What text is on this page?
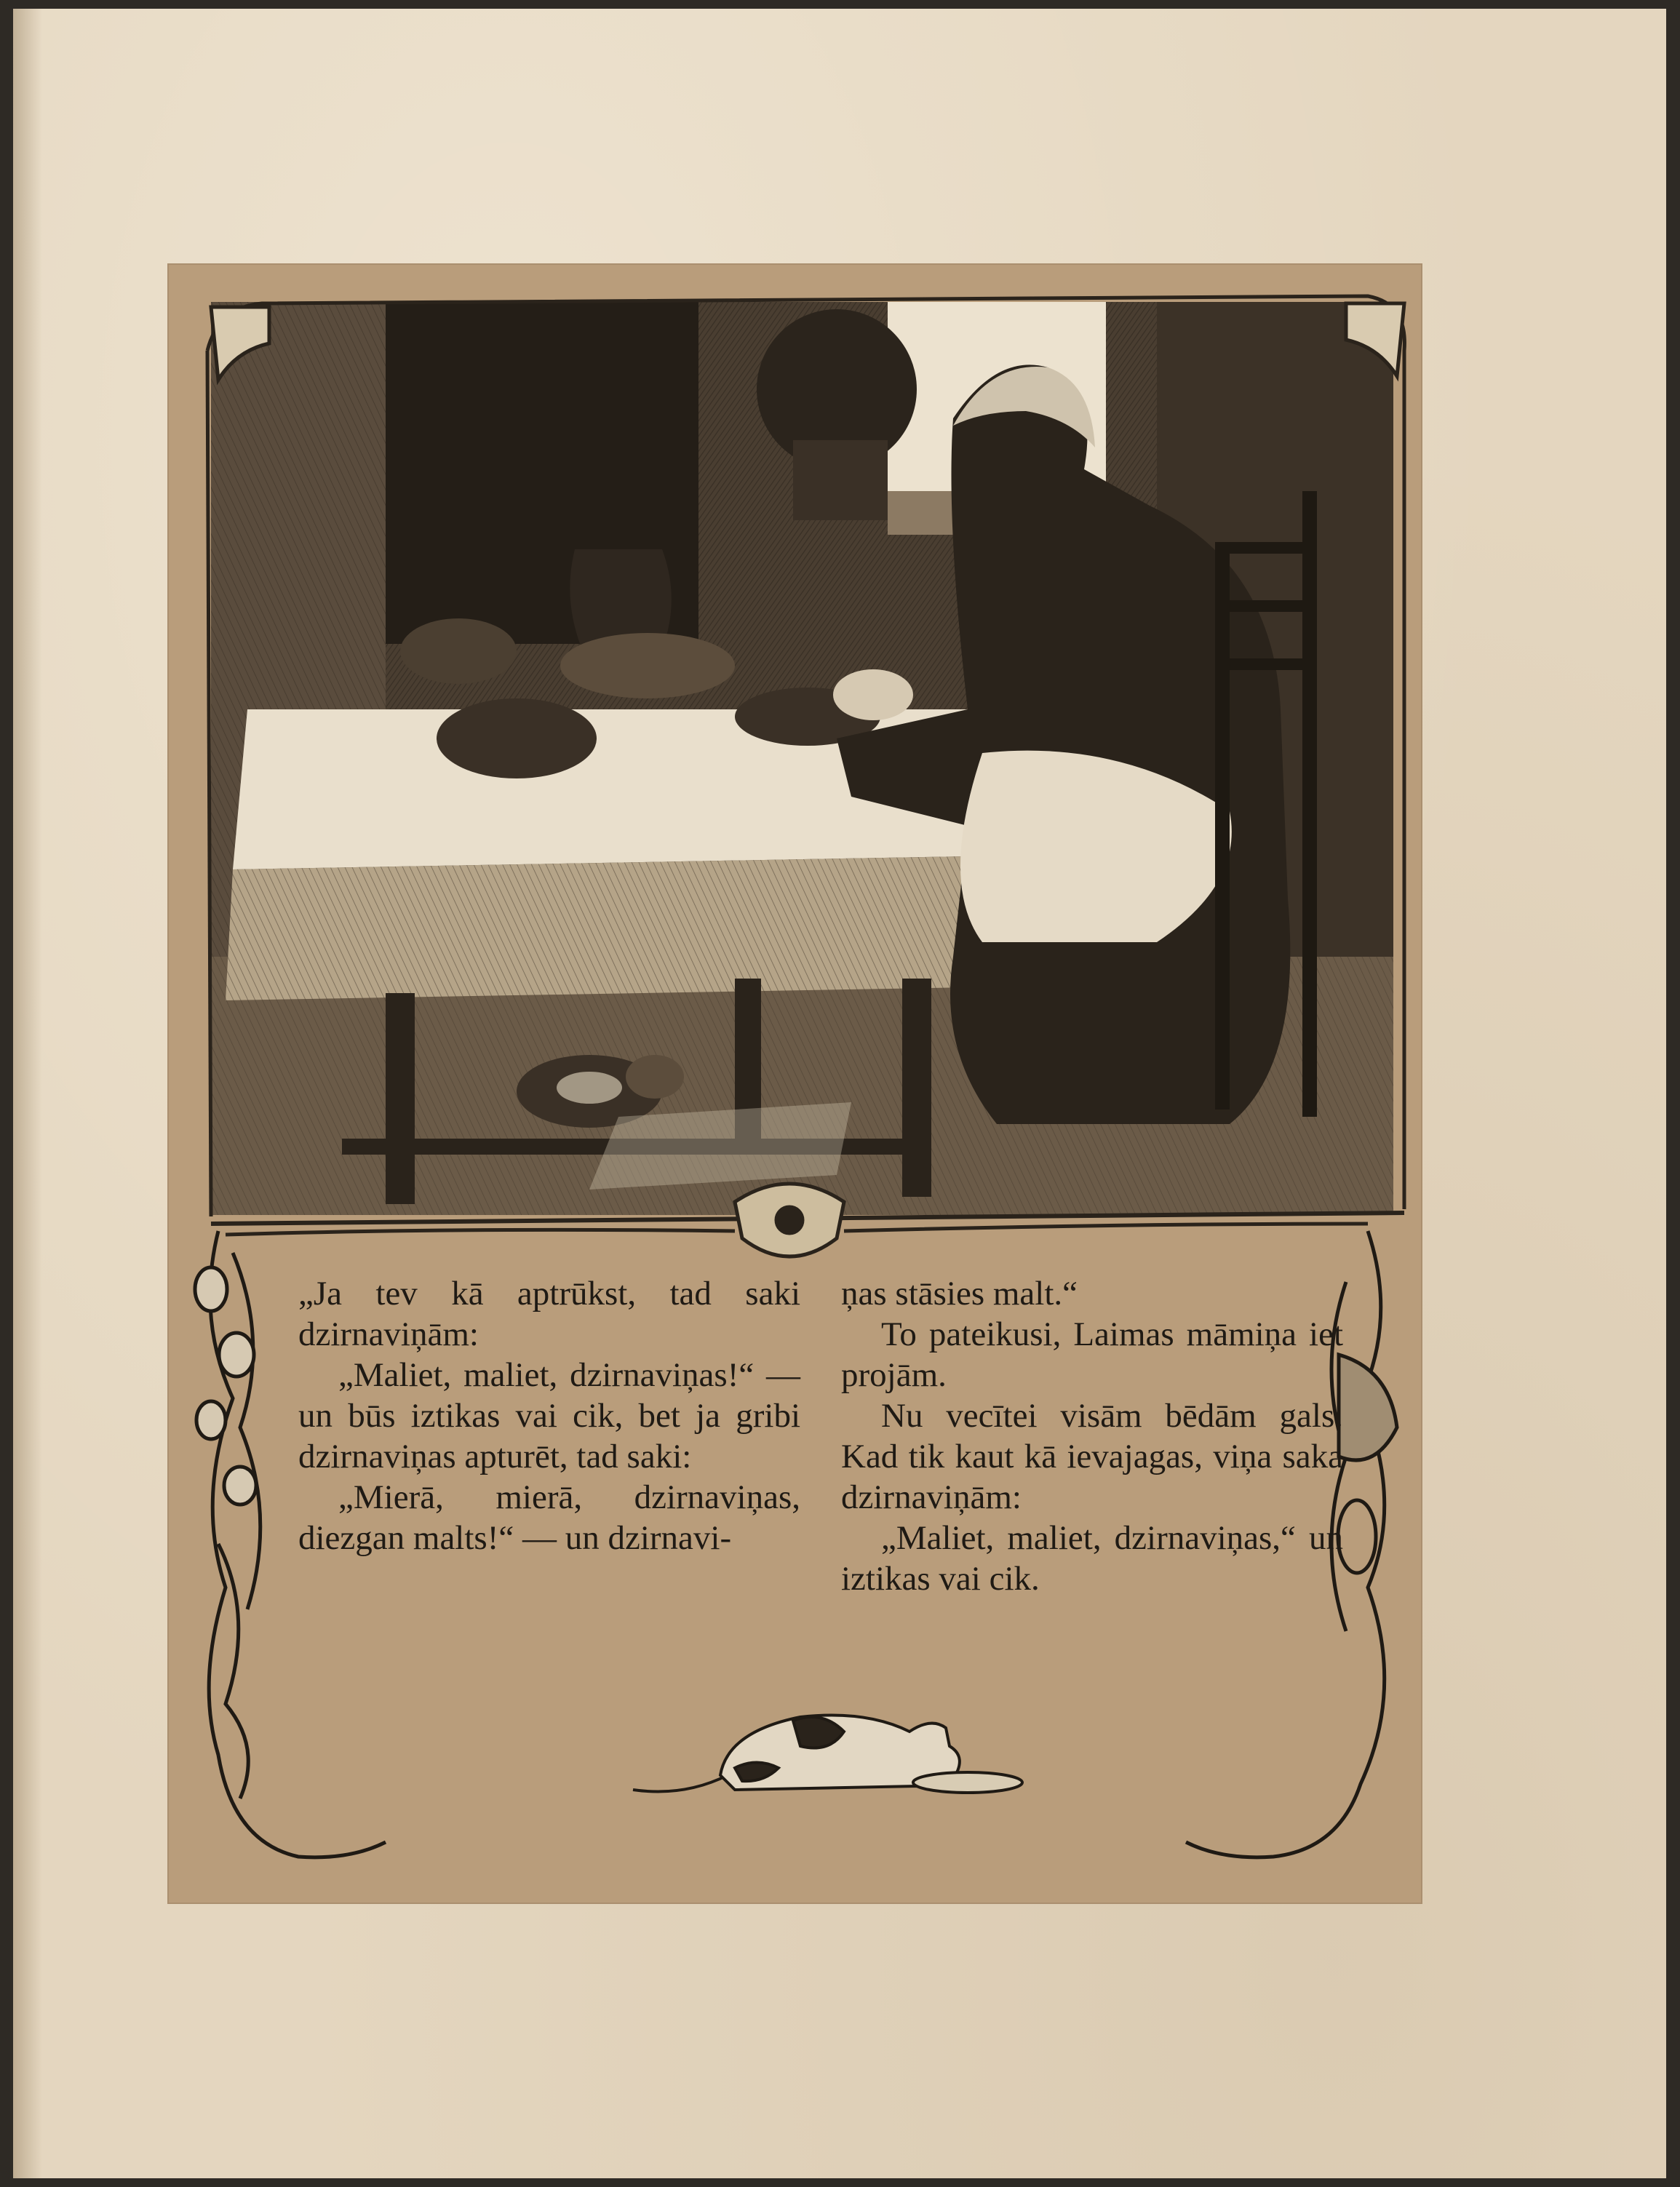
„Ja tev kā aptrūkst, tad saki dzirnaviņām:
„Maliet, maliet, dzirnaviņas!“ — un būs iztikas vai cik, bet ja gribi dzirnaviņas apturēt, tad saki:
„Mierā, mierā, dzirnaviņas, diezgan malts!“ — un dzirnavi-
ņas stāsies malt.“
To pateikusi, Laimas māmiņa iet projām.
Nu vecītei visām bēdām gals. Kad tik kaut kā ievajagas, viņa saka dzirnaviņām:
„Maliet, maliet, dzirnaviņas,“ un iztikas vai cik.
